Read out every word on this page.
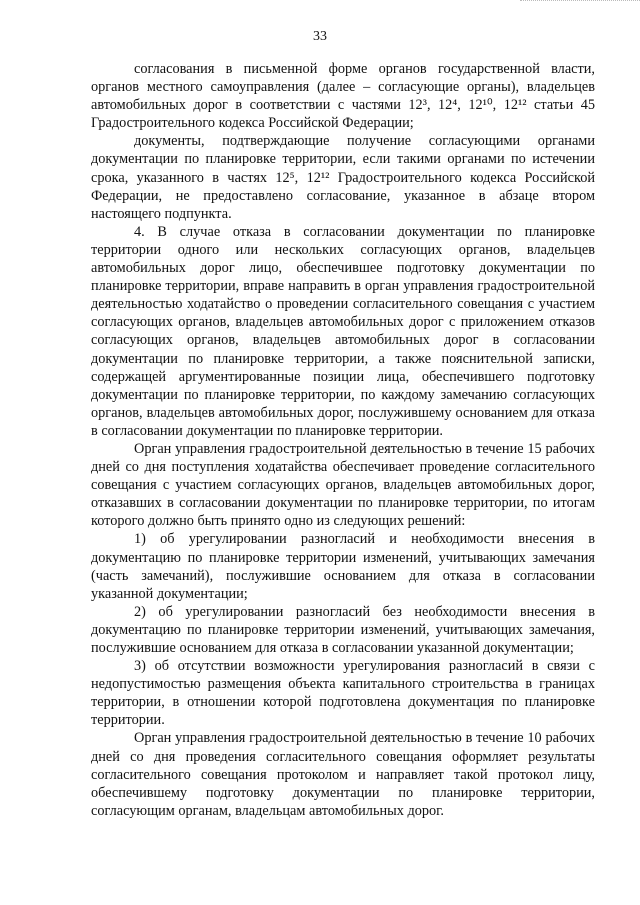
33

согласования в письменной форме органов государственной власти, органов местного самоуправления (далее – согласующие органы), владельцев автомобильных дорог в соответствии с частями 12³, 12⁴, 12¹⁰, 12¹² статьи 45 Градостроительного кодекса Российской Федерации;

документы, подтверждающие получение согласующими органами документации по планировке территории, если такими органами по истечении срока, указанного в частях 12⁵, 12¹² Градостроительного кодекса Российской Федерации, не предоставлено согласование, указанное в абзаце втором настоящего подпункта.

4. В случае отказа в согласовании документации по планировке территории одного или нескольких согласующих органов, владельцев автомобильных дорог лицо, обеспечившее подготовку документации по планировке территории, вправе направить в орган управления градостроительной деятельностью ходатайство о проведении согласительного совещания с участием согласующих органов, владельцев автомобильных дорог с приложением отказов согласующих органов, владельцев автомобильных дорог в согласовании документации по планировке территории, а также пояснительной записки, содержащей аргументированные позиции лица, обеспечившего подготовку документации по планировке территории, по каждому замечанию согласующих органов, владельцев автомобильных дорог, послужившему основанием для отказа в согласовании документации по планировке территории.

Орган управления градостроительной деятельностью в течение 15 рабочих дней со дня поступления ходатайства обеспечивает проведение согласительного совещания с участием согласующих органов, владельцев автомобильных дорог, отказавших в согласовании документации по планировке территории, по итогам которого должно быть принято одно из следующих решений:

1) об урегулировании разногласий и необходимости внесения в документацию по планировке территории изменений, учитывающих замечания (часть замечаний), послужившие основанием для отказа в согласовании указанной документации;

2) об урегулировании разногласий без необходимости внесения в документацию по планировке территории изменений, учитывающих замечания, послужившие основанием для отказа в согласовании указанной документации;

3) об отсутствии возможности урегулирования разногласий в связи с недопустимостью размещения объекта капитального строительства в границах территории, в отношении которой подготовлена документация по планировке территории.

Орган управления градостроительной деятельностью в течение 10 рабочих дней со дня проведения согласительного совещания оформляет результаты согласительного совещания протоколом и направляет такой протокол лицу, обеспечившему подготовку документации по планировке территории, согласующим органам, владельцам автомобильных дорог.
